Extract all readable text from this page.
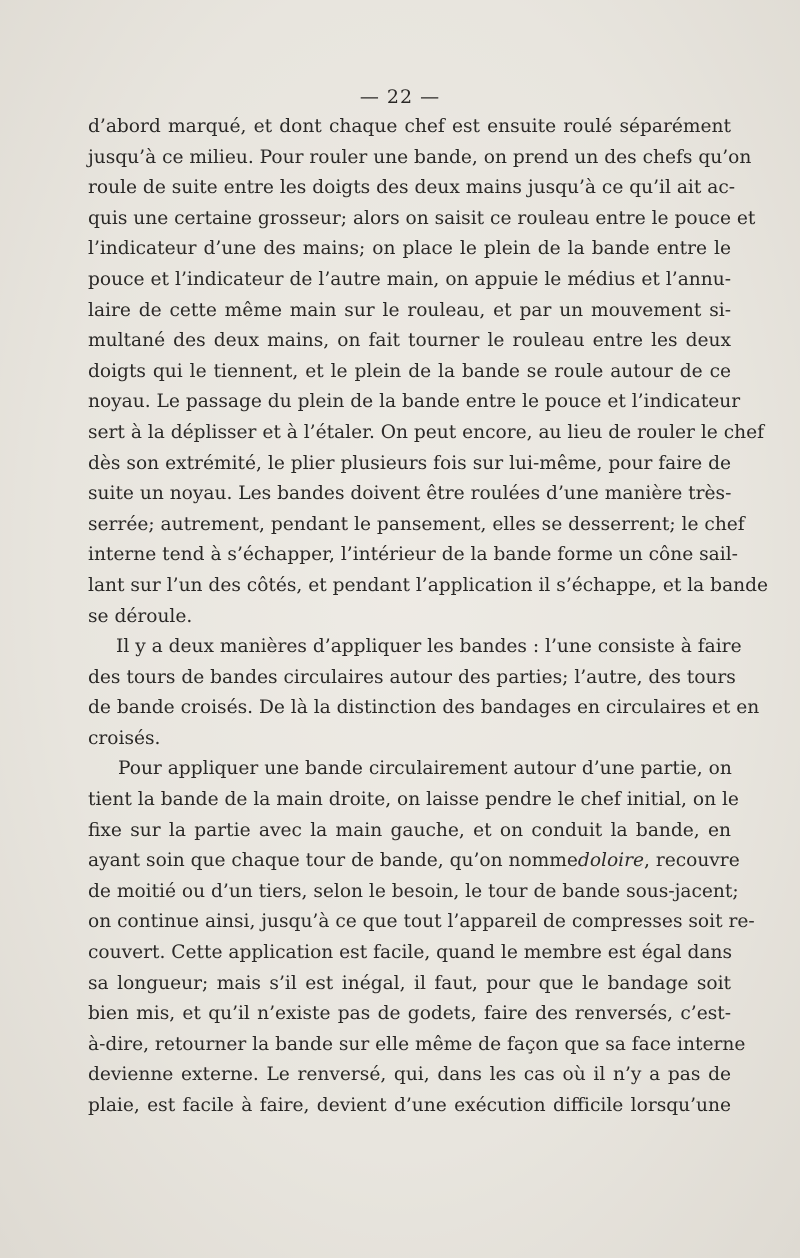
— 22 —
d’abord marqué, et dont chaque chef est ensuite roulé séparément
jusqu’à ce milieu. Pour rouler une bande, on prend un des chefs qu’on
roule de suite entre les doigts des deux mains jusqu’à ce qu’il ait ac-
quis une certaine grosseur; alors on saisit ce rouleau entre le pouce et
l’indicateur d’une des mains; on place le plein de la bande entre le
pouce et l’indicateur de l’autre main, on appuie le médius et l’annu-
laire de cette même main sur le rouleau, et par un mouvement si-
multané des deux mains, on fait tourner le rouleau entre les deux
doigts qui le tiennent, et le plein de la bande se roule autour de ce
noyau. Le passage du plein de la bande entre le pouce et l’indicateur
sert à la déplisser et à l’étaler. On peut encore, au lieu de rouler le chef
dès son extrémité, le plier plusieurs fois sur lui-même, pour faire de
suite un noyau. Les bandes doivent être roulées d’une manière très-
serrée; autrement, pendant le pansement, elles se desserrent; le chef
interne tend à s’échapper, l’intérieur de la bande forme un cône sail-
lant sur l’un des côtés, et pendant l’application il s’échappe, et la bande
se déroule.
Il y a deux manières d’appliquer les bandes : l’une consiste à faire
des tours de bandes circulaires autour des parties; l’autre, des tours
de bande croisés. De là la distinction des bandages en circulaires et en
croisés.
Pour appliquer une bande circulairement autour d’une partie, on
tient la bande de la main droite, on laisse pendre le chef initial, on le
fixe sur la partie avec la main gauche, et on conduit la bande, en
ayant soin que chaque tour de bande, qu’on nomme doloire, recouvre
de moitié ou d’un tiers, selon le besoin, le tour de bande sous-jacent;
on continue ainsi, jusqu’à ce que tout l’appareil de compresses soit re-
couvert. Cette application est facile, quand le membre est égal dans
sa longueur; mais s’il est inégal, il faut, pour que le bandage soit
bien mis, et qu’il n’existe pas de godets, faire des renversés, c’est-
à-dire, retourner la bande sur elle même de façon que sa face interne
devienne externe. Le renversé, qui, dans les cas où il n’y a pas de
plaie, est facile à faire, devient d’une exécution difficile lorsqu’une
